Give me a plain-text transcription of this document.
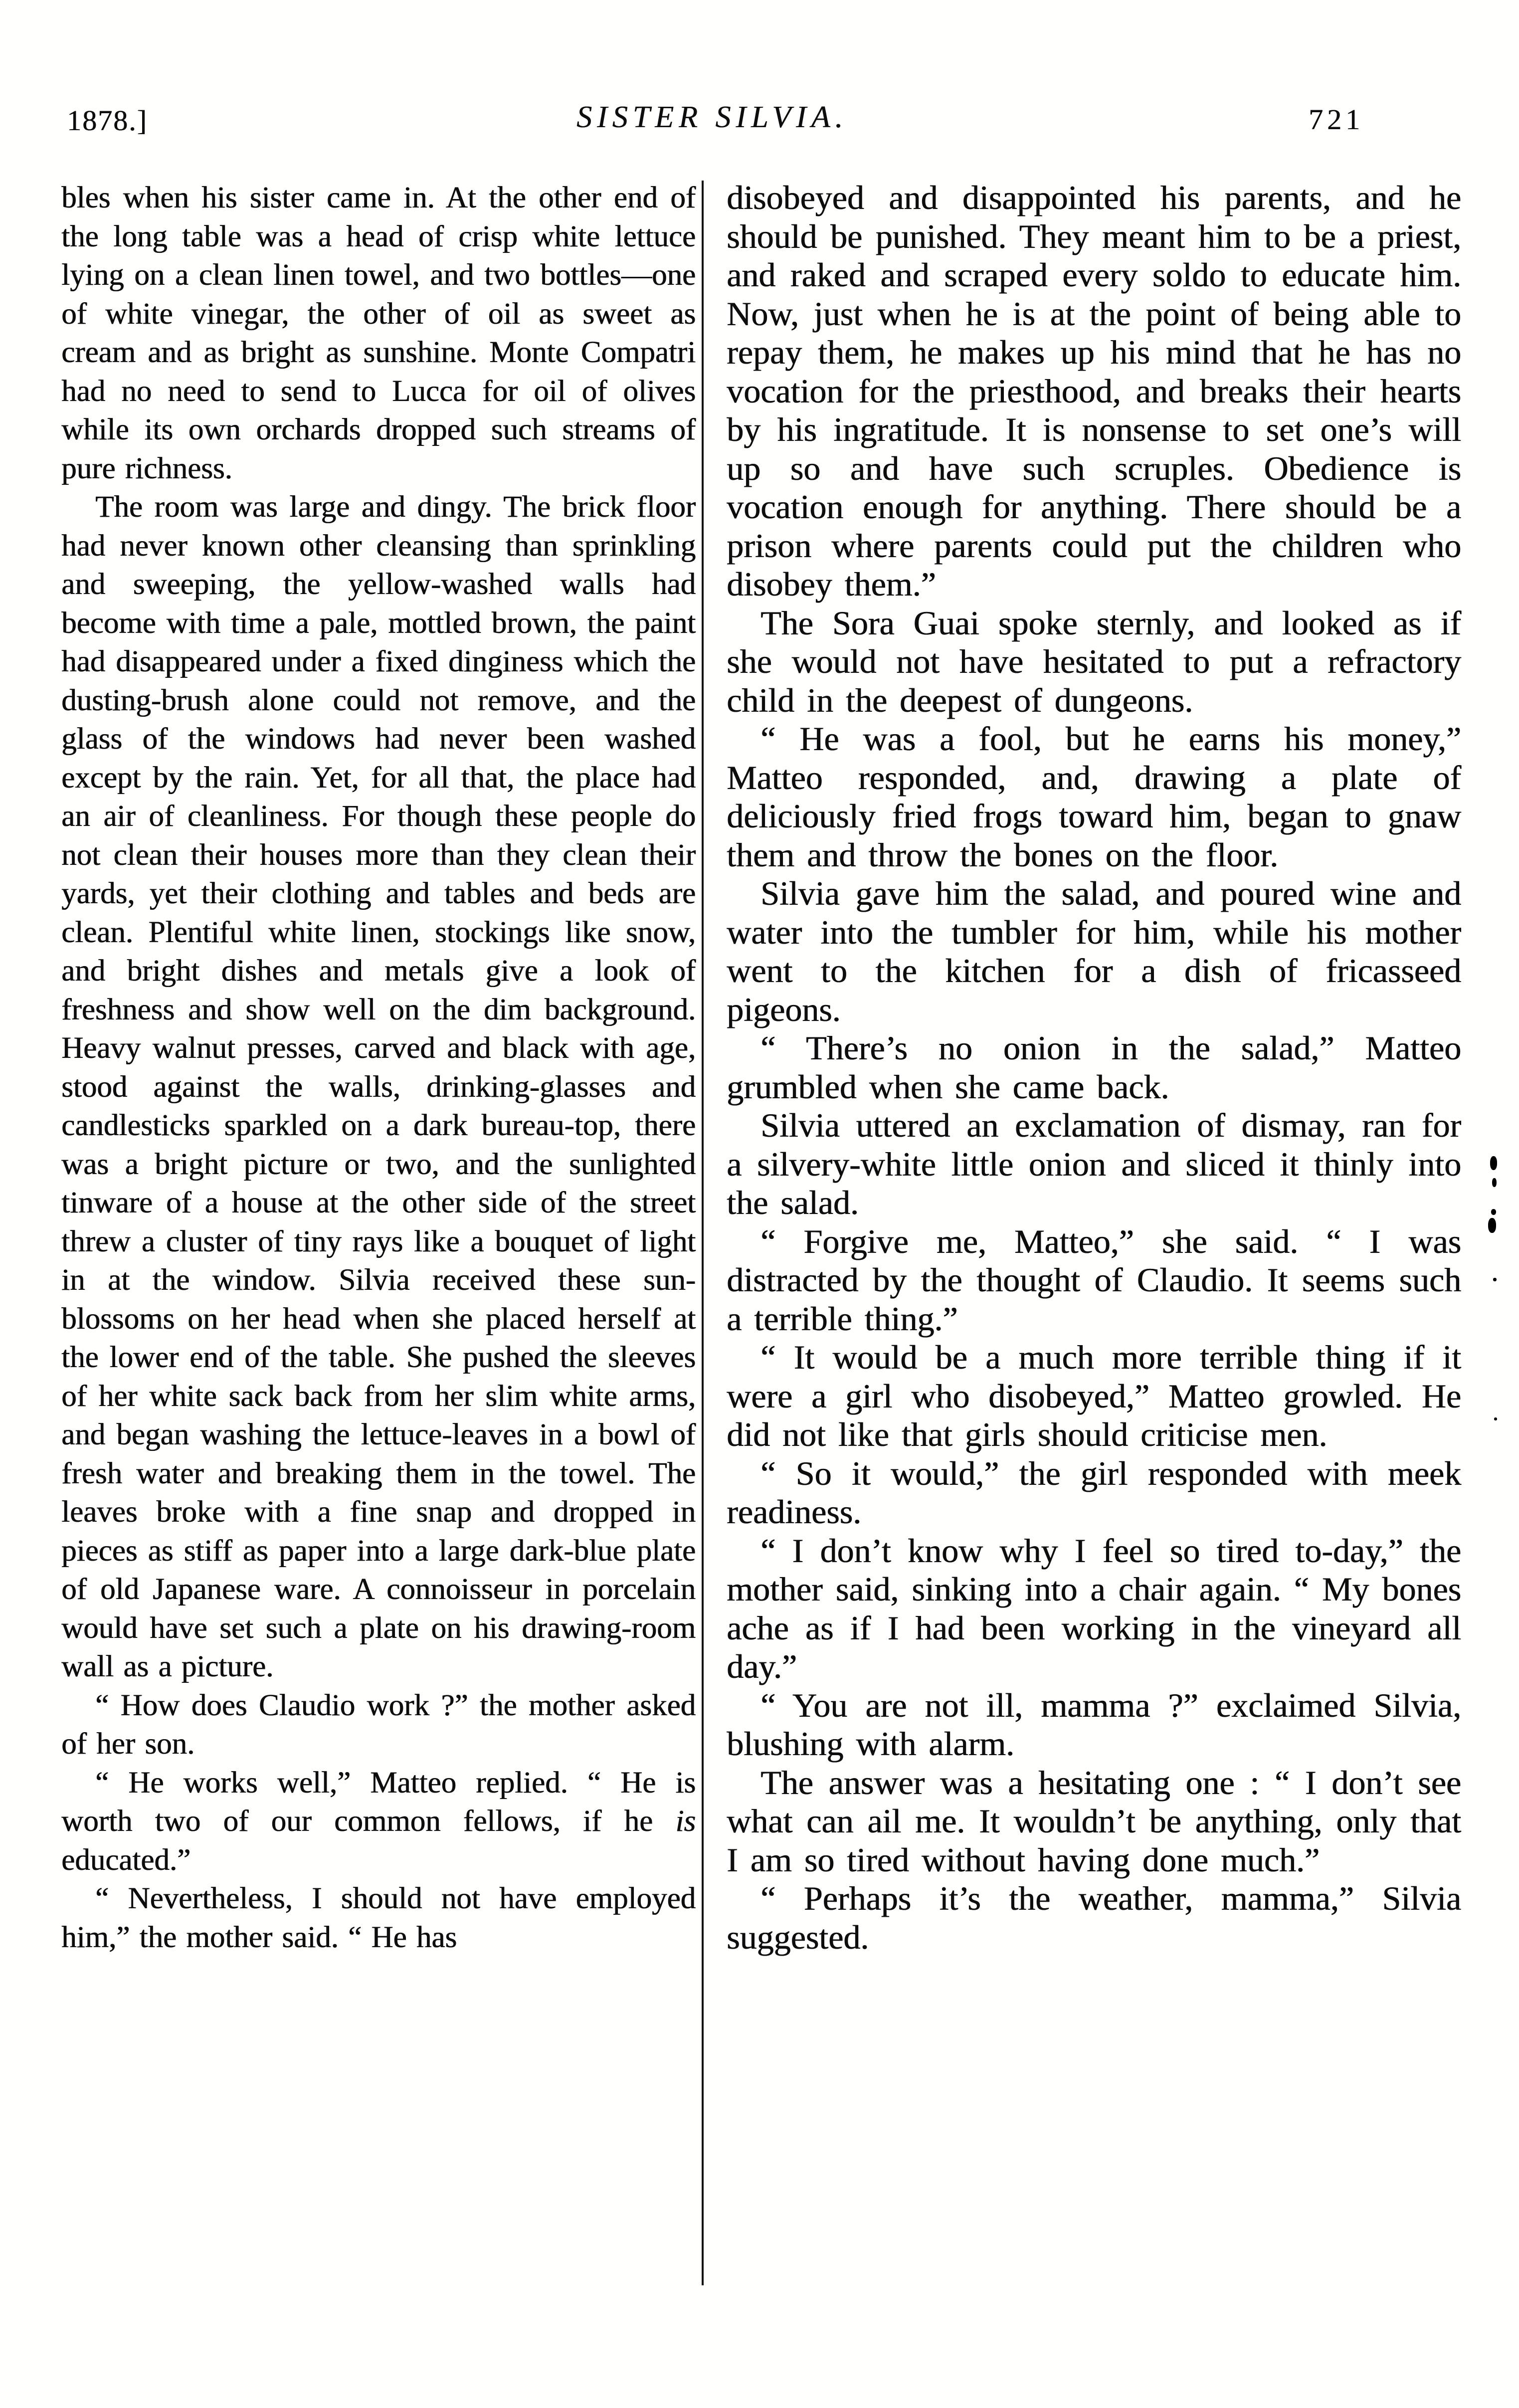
1878.]	SISTER SILVIA.	721

bles when his sister came in. At the other end of the long table was a head of crisp white lettuce lying on a clean linen towel, and two bottles—one of white vinegar, the other of oil as sweet as cream and as bright as sunshine. Monte Compatri had no need to send to Lucca for oil of olives while its own orchards dropped such streams of pure richness.

The room was large and dingy. The brick floor had never known other cleansing than sprinkling and sweeping, the yellow-washed walls had become with time a pale, mottled brown, the paint had disappeared under a fixed dinginess which the dusting-brush alone could not remove, and the glass of the windows had never been washed except by the rain. Yet, for all that, the place had an air of cleanliness. For though these people do not clean their houses more than they clean their yards, yet their clothing and tables and beds are clean. Plentiful white linen, stockings like snow, and bright dishes and metals give a look of freshness and show well on the dim background. Heavy walnut presses, carved and black with age, stood against the walls, drinking-glasses and candlesticks sparkled on a dark bureau-top, there was a bright picture or two, and the sunlighted tinware of a house at the other side of the street threw a cluster of tiny rays like a bouquet of light in at the window. Silvia received these sun-blossoms on her head when she placed herself at the lower end of the table. She pushed the sleeves of her white sack back from her slim white arms, and began washing the lettuce-leaves in a bowl of fresh water and breaking them in the towel. The leaves broke with a fine snap and dropped in pieces as stiff as paper into a large dark-blue plate of old Japanese ware. A connoisseur in porcelain would have set such a plate on his drawing-room wall as a picture.

“ How does Claudio work ?” the mother asked of her son.

“ He works well,” Matteo replied. “ He is worth two of our common fellows, if he is educated.”

“ Nevertheless, I should not have employed him,” the mother said. “ He has

disobeyed and disappointed his parents, and he should be punished. They meant him to be a priest, and raked and scraped every soldo to educate him. Now, just when he is at the point of being able to repay them, he makes up his mind that he has no vocation for the priesthood, and breaks their hearts by his ingratitude. It is nonsense to set one’s will up so and have such scruples. Obedience is vocation enough for anything. There should be a prison where parents could put the children who disobey them.”

The Sora Guai spoke sternly, and looked as if she would not have hesitated to put a refractory child in the deepest of dungeons.

“ He was a fool, but he earns his money,” Matteo responded, and, drawing a plate of deliciously fried frogs toward him, began to gnaw them and throw the bones on the floor.

Silvia gave him the salad, and poured wine and water into the tumbler for him, while his mother went to the kitchen for a dish of fricasseed pigeons.

“ There’s no onion in the salad,” Matteo grumbled when she came back.

Silvia uttered an exclamation of dismay, ran for a silvery-white little onion and sliced it thinly into the salad.

“ Forgive me, Matteo,” she said. “ I was distracted by the thought of Claudio. It seems such a terrible thing.”

“ It would be a much more terrible thing if it were a girl who disobeyed,” Matteo growled. He did not like that girls should criticise men.

“ So it would,” the girl responded with meek readiness.

“ I don’t know why I feel so tired to-day,” the mother said, sinking into a chair again. “ My bones ache as if I had been working in the vineyard all day.”

“ You are not ill, mamma ?” exclaimed Silvia, blushing with alarm.

The answer was a hesitating one : “ I don’t see what can ail me. It wouldn’t be anything, only that I am so tired without having done much.”

“ Perhaps it’s the weather, mamma,” Silvia suggested.
